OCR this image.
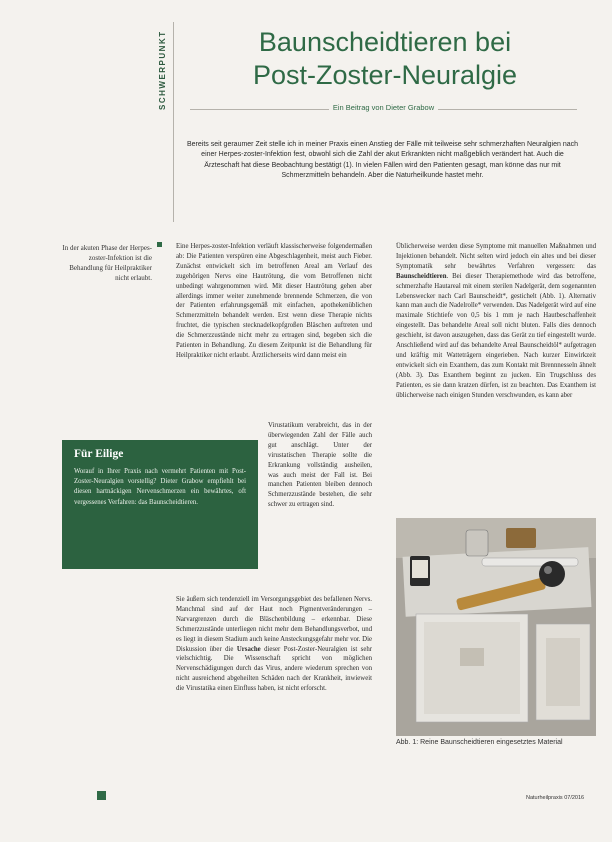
SCHWERPUNKT	Baunscheidtieren bei
Post-Zoster-Neuralgie
Ein Beitrag von Dieter Grabow
Bereits seit geraumer Zeit stelle ich in meiner Praxis einen Anstieg der Fälle mit teilweise sehr schmerzhaften Neuralgien nach einer Herpes-zoster-Infektion fest, obwohl sich die Zahl der akut Erkrankten nicht maßgeblich verändert hat. Auch die Ärzteschaft hat diese Beobachtung bestätigt (1). In vielen Fällen wird den Patienten gesagt, man könne das nur mit Schmerzmitteln behandeln. Aber die Naturheilkunde hastet mehr.
In der akuten Phase der Herpes-zoster-Infektion ist die Behandlung für Heilpraktiker nicht erlaubt.
Eine Herpes-zoster-Infektion verläuft klassischerweise folgendermaßen ab: Die Patienten verspüren eine Abgeschlagenheit, meist auch Fieber. Zunächst entwickelt sich im betroffenen Areal am Verlauf des zugehörigen Nervs eine Hautrötung, die vom Betroffenen nicht unbedingt wahrgenommen wird. Mit dieser Hautrötung gehen aber allerdings immer weiter zunehmende brennende Schmerzen, die von der Patienten erfahrungsgemäß mit einfachen, apothekenüblichen Schmerzmitteln behandelt werden. Erst wenn diese Therapie nichts fruchtet, die typischen stecknadelkopfgroßen Bläschen auftreten und die Schmerzzustände nicht mehr zu ertragen sind, begeben sich die Patienten in Behandlung. Zu diesem Zeitpunkt ist die Behandlung für Heilpraktiker nicht erlaubt. Ärztlicherseits wird dann meist ein
Virustatikum verabreicht, das in der überwiegenden Zahl der Fälle auch gut anschlägt. Unter der virustatischen Therapie sollte die Erkrankung vollständig ausheilen, was auch meist der Fall ist. Bei manchen Patienten bleiben dennoch Schmerzzustände bestehen, die sehr schwer zu ertragen sind.
Sie äußern sich tendenziell im Versorgungsgebiet des befallenen Nervs. Manchmal sind auf der Haut noch Pigmentveränderungen – Narvargrenzen durch die Bläschenbildung – erkennbar. Diese Schmerzzustände unterliegen nicht mehr dem Behandlungsverbot, und es liegt in diesem Stadium auch keine Ansteckungsgefahr mehr vor. Die Diskussion über die Ursache dieser Post-Zoster-Neuralgien ist sehr vielschichtig. Die Wissenschaft spricht von möglichen Nervenschädigungen durch das Virus, andere wiederum sprechen von nicht ausreichend abgeheilten Schäden nach der Krankheit, inwieweit die Virustatika einen Einfluss haben, ist nicht erforscht.
Üblicherweise werden diese Symptome mit manuellen Maßnahmen und Injektionen behandelt. Nicht selten wird jedoch ein altes und bei dieser Symptomatik sehr bewährtes Verfahren vergessen: das Baunscheidtieren. Bei dieser Therapiemethode wird das betroffene, schmerzhafte Hautareal mit einem sterilen Nadelgerät, dem sogenannten Lebenswecker nach Carl Baunscheidt*, gestichelt (Abb. 1). Alternativ kann man auch die Nadelrolle* verwenden. Das Nadelgerät wird auf eine maximale Stichtiefe von 0,5 bis 1 mm je nach Hautbeschaffenheit eingestellt. Das behandelte Areal soll nicht bluten. Falls dies dennoch geschieht, ist davon auszugehen, dass das Gerät zu tief eingestellt wurde. Anschließend wird auf das behandelte Areal Baunscheidtöl* aufgetragen und kräftig mit Watteträgern eingerieben. Nach kurzer Einwirkzeit entwickelt sich ein Exanthem, das zum Kontakt mit Brennnesseln ähnelt (Abb. 3). Das Exanthem beginnt zu jucken. Ein Trugschluss des Patienten, es sie dann kratzen dürfen, ist zu beachten. Das Exanthem ist üblicherweise nach einigen Stunden verschwunden, es kann aber
Für Eilige
Worauf in Ihrer Praxis nach vermehrt Patienten mit Post-Zoster-Neuralgien vorstellig? Dieter Grabow empfiehlt bei diesen hartnäckigen Nervenschmerzen ein bewährtes, oft vergessenes Verfahren: das Baunscheidtieren.
Abb. 1: Reine Baunscheidtieren eingesetztes Material
Naturheilpraxis 07/2016
